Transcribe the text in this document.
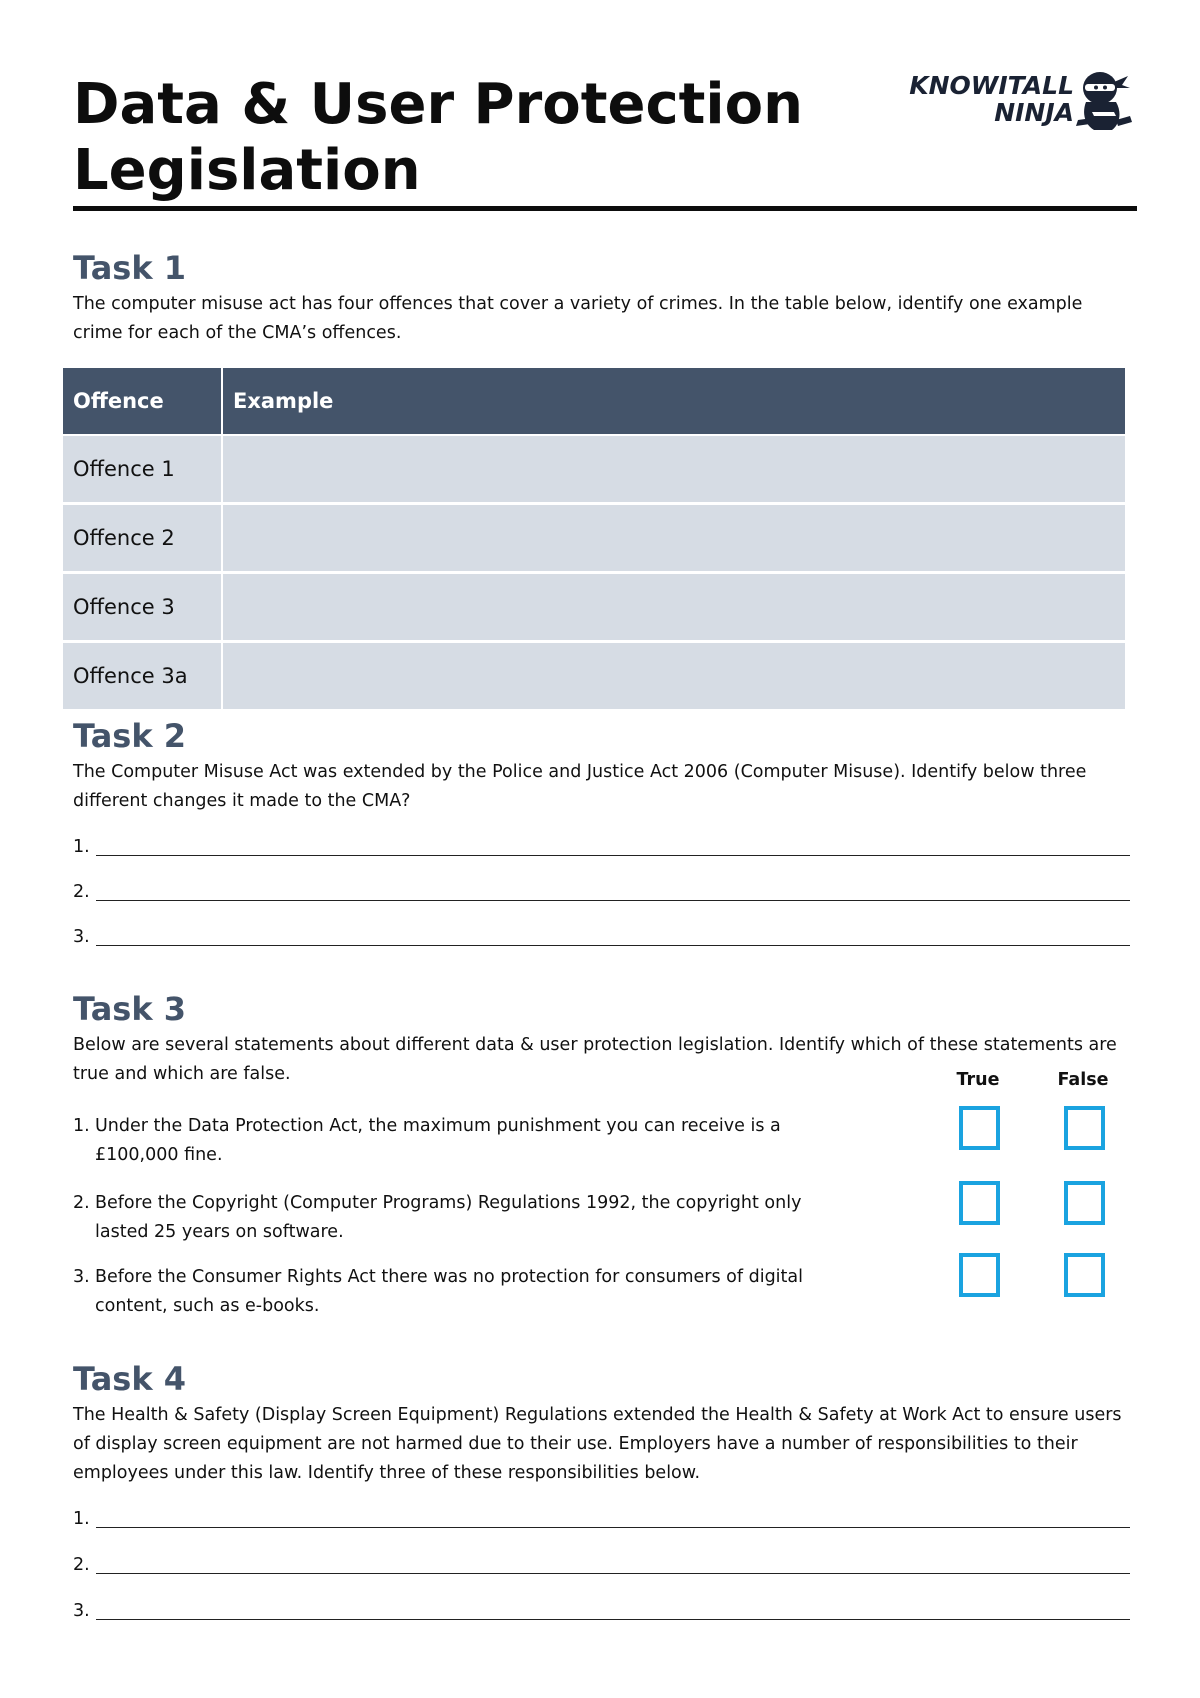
Data & User Protection Legislation
KNOWITALL
NINJA
Task 1

The computer misuse act has four offences that cover a variety of crimes. In the table below, identify one example crime for each of the CMA’s offences.

Offence	Example
Offence 1	
Offence 2	
Offence 3	
Offence 3a	
Task 2

The Computer Misuse Act was extended by the Police and Justice Act 2006 (Computer Misuse). Identify below three different changes it made to the CMA?

1.
2.
3.
Task 3

Below are several statements about different data & user protection legislation. Identify which of these statements are true and which are false.	True	False
1. Under the Data Protection Act, the maximum punishment you can receive is a £100,000 fine.
2. Before the Copyright (Computer Programs) Regulations 1992, the copyright only lasted 25 years on software.
3. Before the Consumer Rights Act there was no protection for consumers of digital content, such as e-books.
Task 4

The Health & Safety (Display Screen Equipment) Regulations extended the Health & Safety at Work Act to ensure users of display screen equipment are not harmed due to their use. Employers have a number of responsibilities to their employees under this law. Identify three of these responsibilities below.

1.
2.
3.
